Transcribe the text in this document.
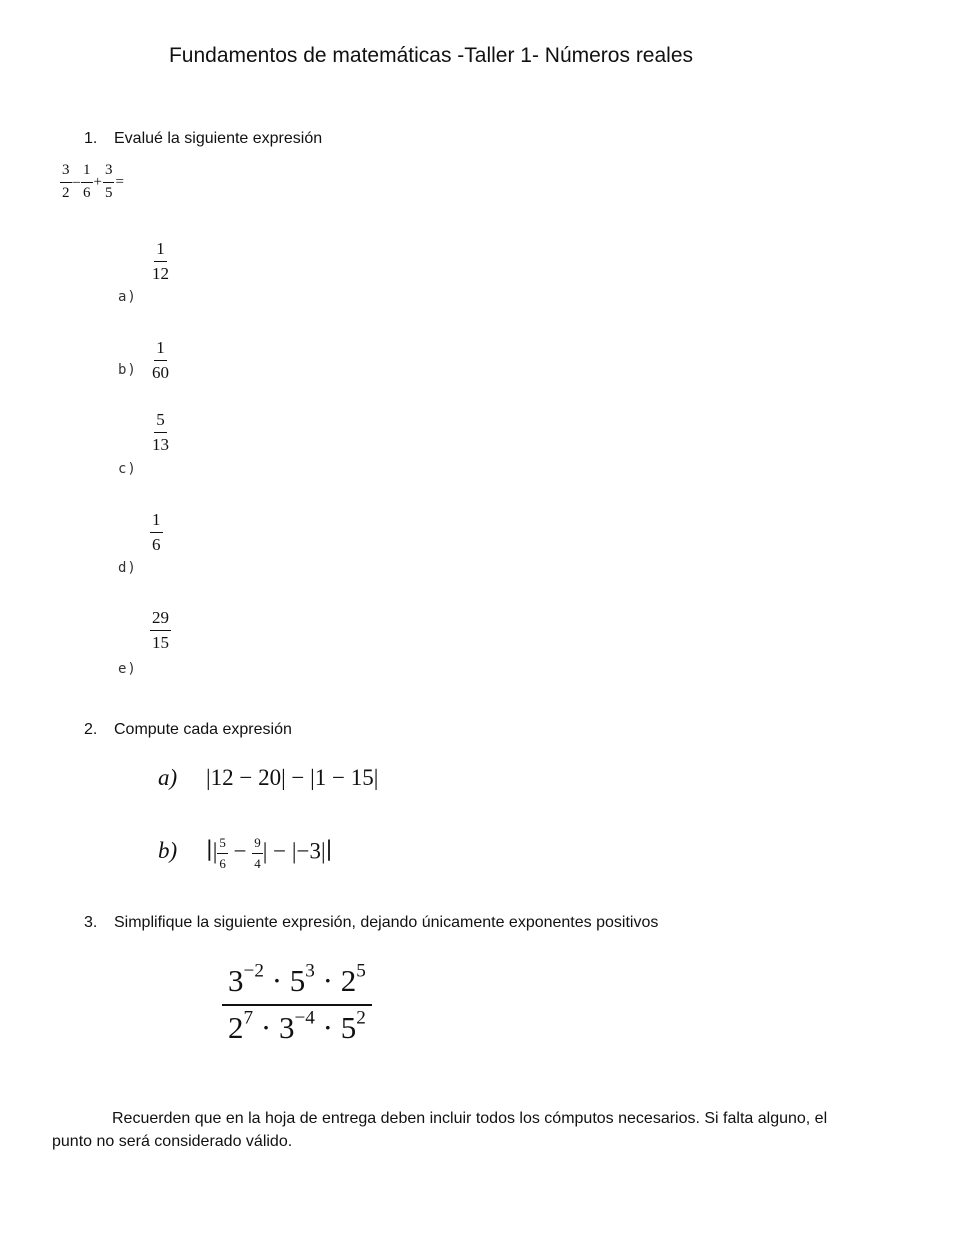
Fundamentos de matemáticas -Taller 1- Números reales
1. Evalué la siguiente expresión
$\frac{3}{2} - \frac{1}{6} + \frac{3}{5}$ =
$\frac{1}{12}$
a)
$\frac{1}{60}$
b)
$\frac{5}{13}$
c)
$\frac{1}{6}$
d)
$\frac{29}{15}$
e)
2. Compute cada expresión
a) |12 − 20| − |1 − 15|
b) ∣| $\frac{5}{6} - \frac{9}{4}$ | − |−3|∣
3. Simplifique la siguiente expresión, dejando únicamente exponentes positivos
$\frac{3^{-2} \cdot 5^3 \cdot 2^5}{2^7 \cdot 3^{-4} \cdot 5^2}$
Recuerden que en la hoja de entrega deben incluir todos los cómputos necesarios. Si falta alguno, el punto no será considerado válido.
